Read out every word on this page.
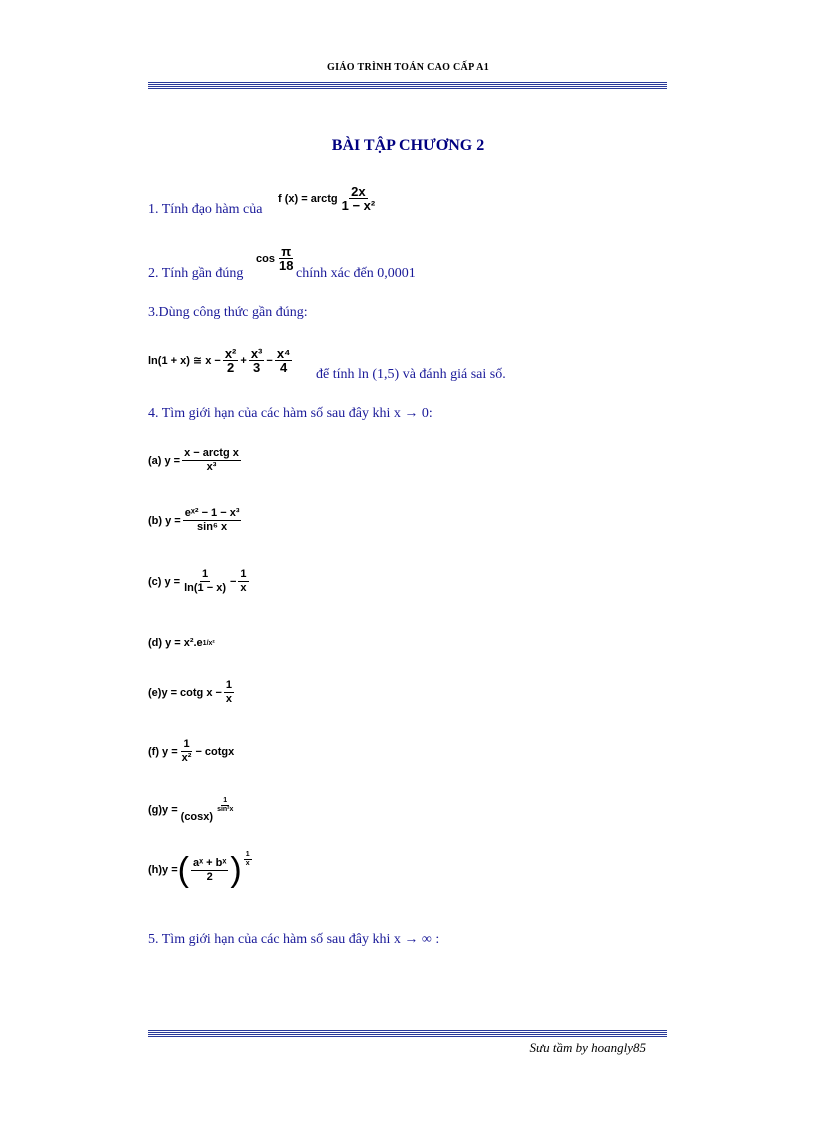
GIÁO TRÌNH TOÁN CAO CẤP A1
BÀI TẬP CHƯƠNG 2
1. Tính đạo hàm của
f (x) = arctg $\frac{2x}{\text{1 − x²}}$
2. Tính gần đúng
$\cos \frac{\pi}{18}$
chính xác đến 0,0001
3.Dùng công thức gần đúng:
ln(1 + x) ≅ $x - \frac{\text{x²}}{2} + \frac{\text{x³}}{3} - \frac{\text{x⁴}}{4}$
để tính ln (1,5) và đánh giá sai số.
4. Tìm giới hạn của các hàm số sau đây khi x → 0:
(a) $y = \frac{\text{x − arctg x}}{\text{x³}}$
(b) $y = \frac{\text{eˣ² − 1 − x³}}{\text{sin⁶ x}}$
(c) $y = \frac{1}{\ln(1 - x)} - \frac{1}{x}$
(d) y = x².e 1/x²
(e)y = cotg $x - \frac{1}{x}$
(f) $y = \frac{1}{\text{x²}}$ − cotgx
(g)y =
(cosx)
$\frac{1}{\text{sin²x}}$
(h)y = ( $\frac{\text{aˣ + bˣ}}{2}$ ) $\frac{1}{x}$
5. Tìm giới hạn của các hàm số sau đây khi x → ∞ :
Sưu tầm by hoangly85
